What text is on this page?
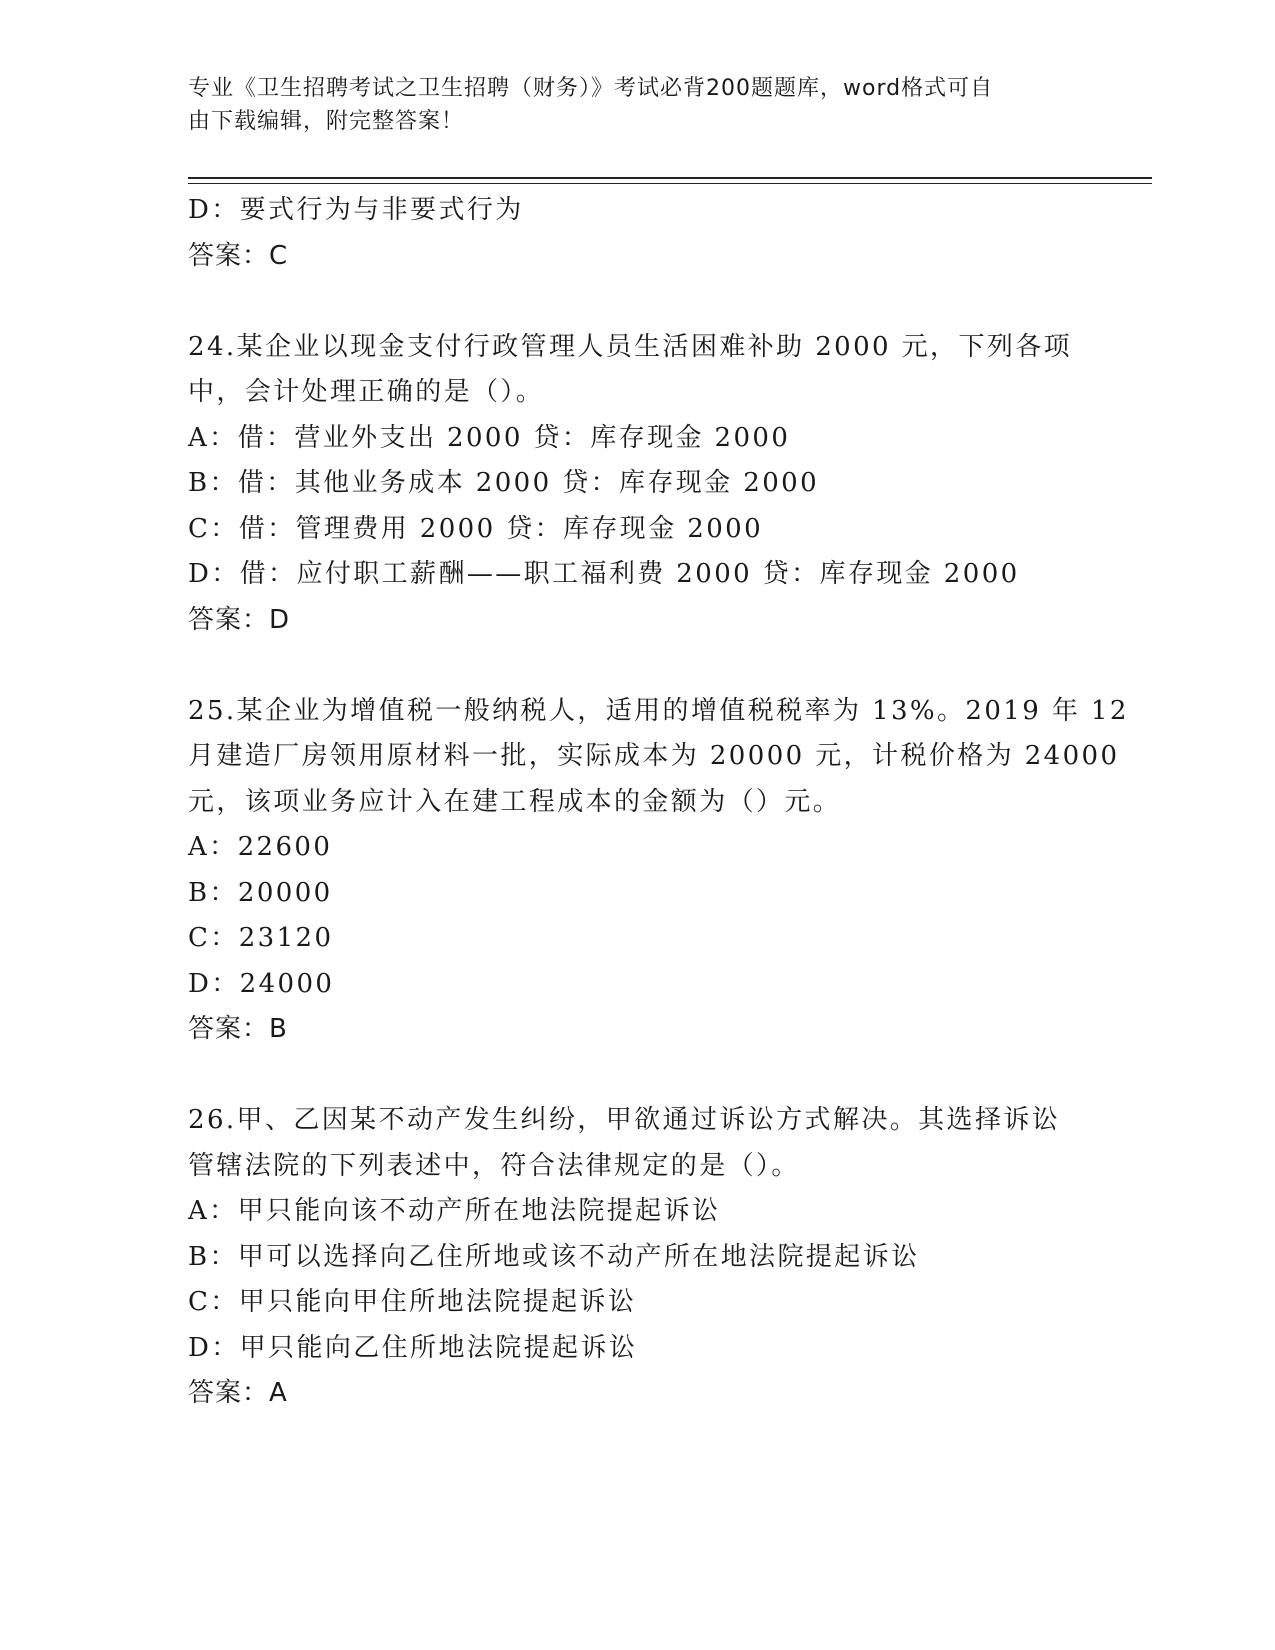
专业《卫生招聘考试之卫生招聘（财务）》考试必背200题题库，word格式可自
由下载编辑，附完整答案！
D：要式行为与非要式行为
答案：C
24.某企业以现金支付行政管理人员生活困难补助 2000 元，下列各项
中，会计处理正确的是（）。
A：借：营业外支出 2000 贷：库存现金 2000
B：借：其他业务成本 2000 贷：库存现金 2000
C：借：管理费用 2000 贷：库存现金 2000
D：借：应付职工薪酬——职工福利费 2000 贷：库存现金 2000
答案：D
25.某企业为增值税一般纳税人，适用的增值税税率为 13%。2019 年 12
月建造厂房领用原材料一批，实际成本为 20000 元，计税价格为 24000
元，该项业务应计入在建工程成本的金额为（）元。
A：22600
B：20000
C：23120
D：24000
答案：B
26.甲、乙因某不动产发生纠纷，甲欲通过诉讼方式解决。其选择诉讼
管辖法院的下列表述中，符合法律规定的是（）。
A：甲只能向该不动产所在地法院提起诉讼
B：甲可以选择向乙住所地或该不动产所在地法院提起诉讼
C：甲只能向甲住所地法院提起诉讼
D：甲只能向乙住所地法院提起诉讼
答案：A
